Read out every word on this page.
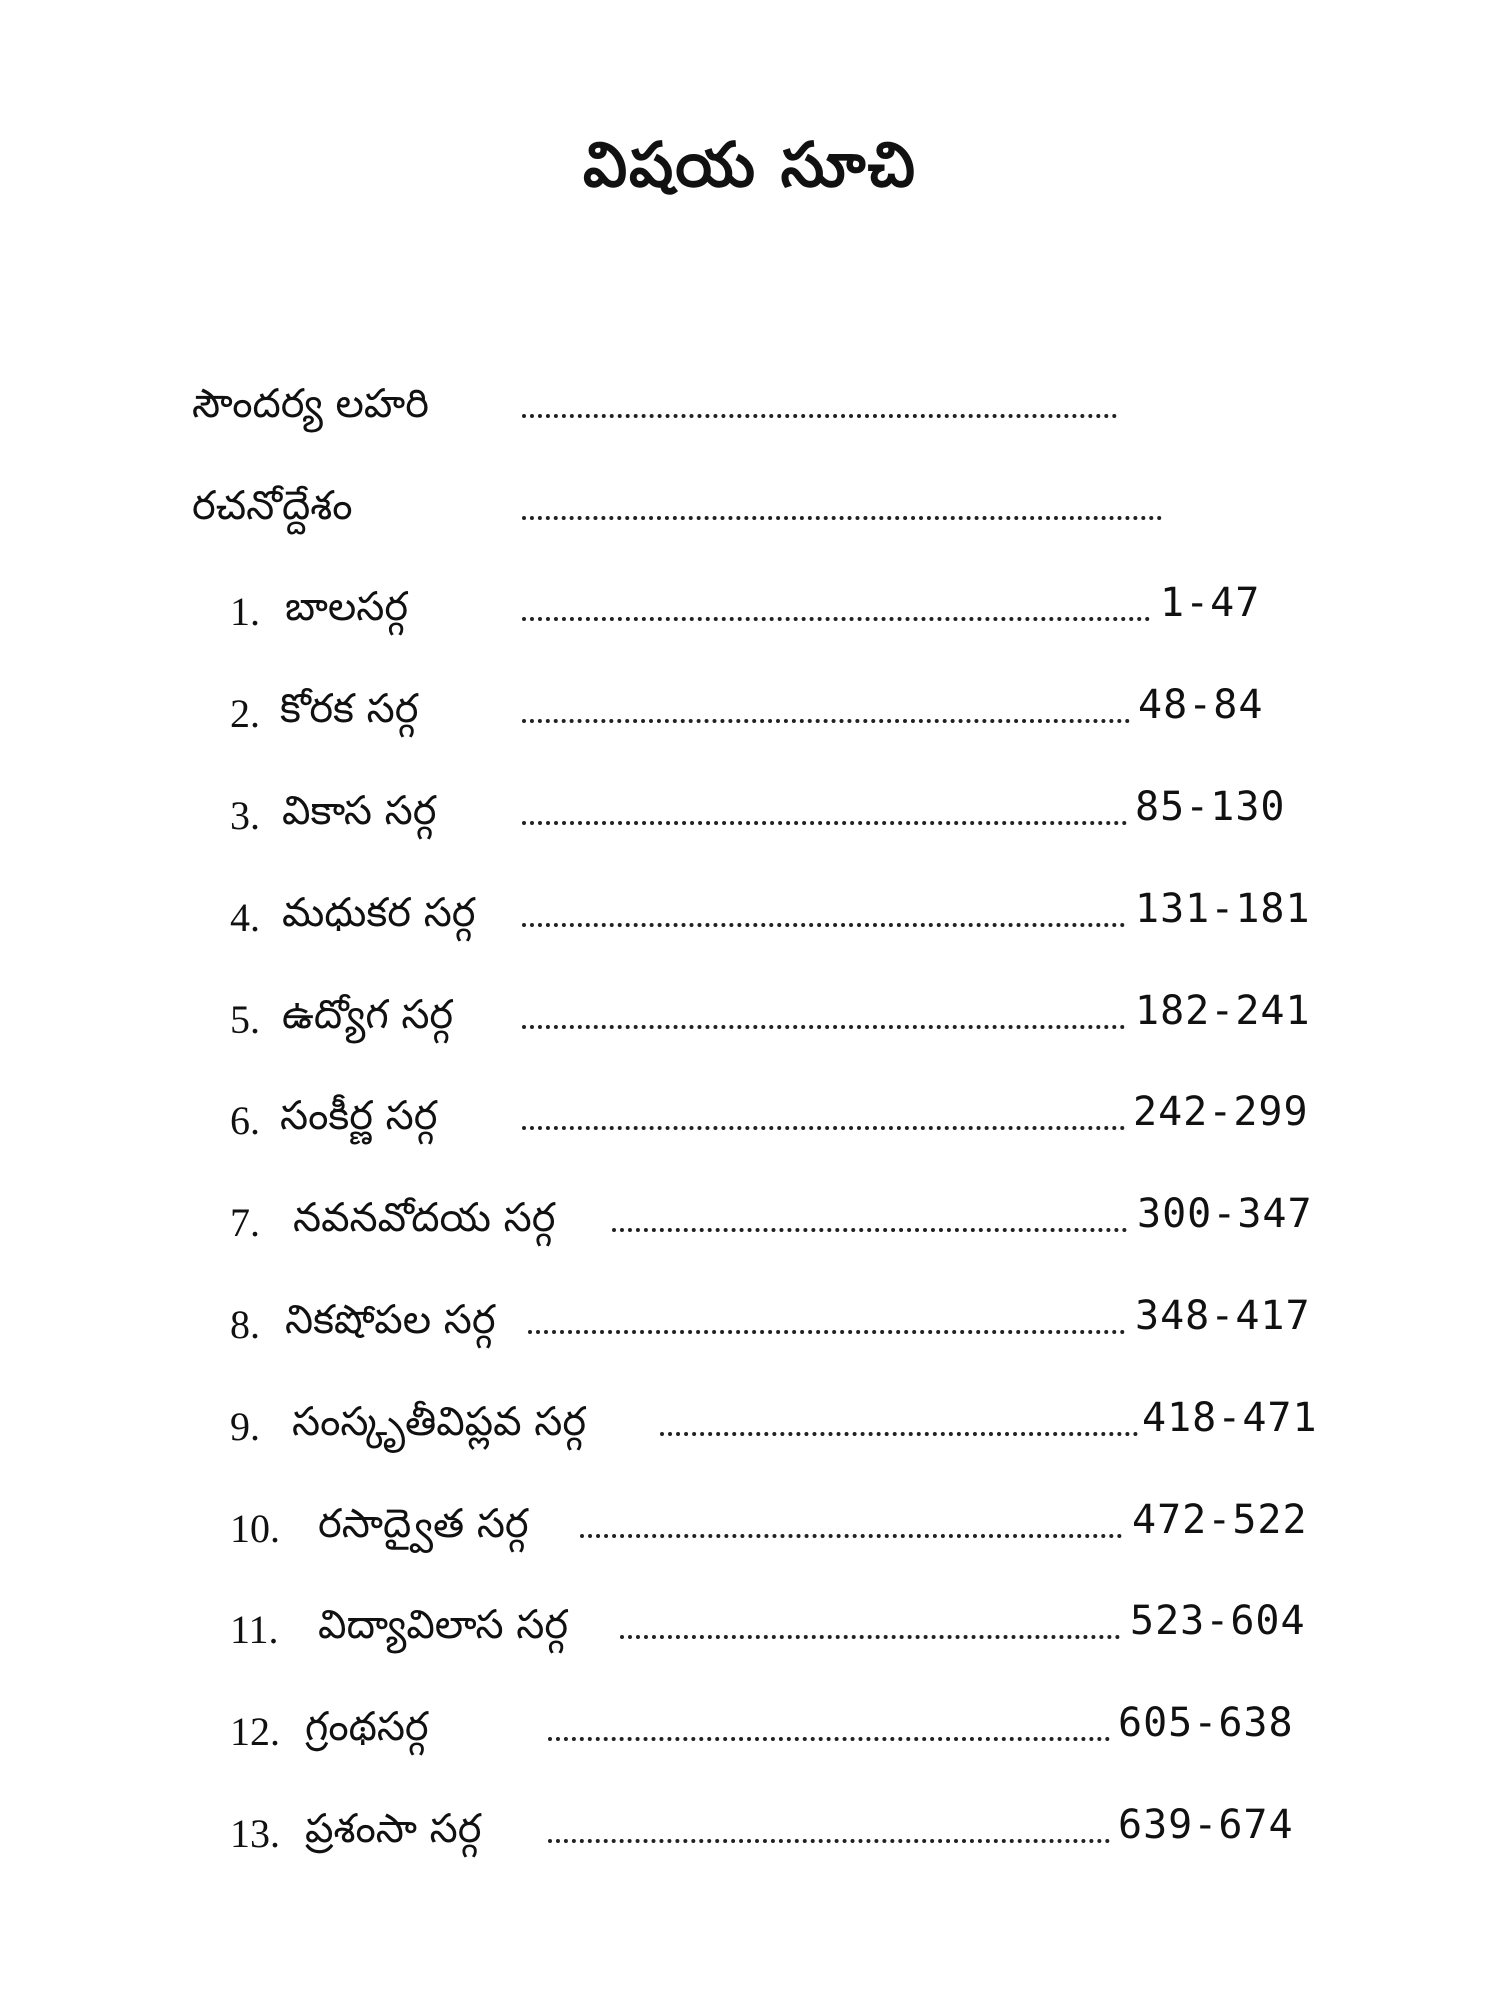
విషయ సూచి
సౌందర్య లహరి
రచనోద్దేశం
1. బాలసర్గ	1-47
2. కోరక సర్గ	48-84
3. వికాస సర్గ	85-130
4. మధుకర సర్గ	131-181
5. ఉద్యోగ సర్గ	182-241
6. సంకీర్ణ సర్గ	242-299
7. నవనవోదయ సర్గ	300-347
8. నికషోపల సర్గ	348-417
9. సంస్కృతీవిప్లవ సర్గ	418-471
10. రసాద్వైత సర్గ	472-522
11. విద్యావిలాస సర్గ	523-604
12. గ్రంథసర్గ	605-638
13. ప్రశంసా సర్గ	639-674
